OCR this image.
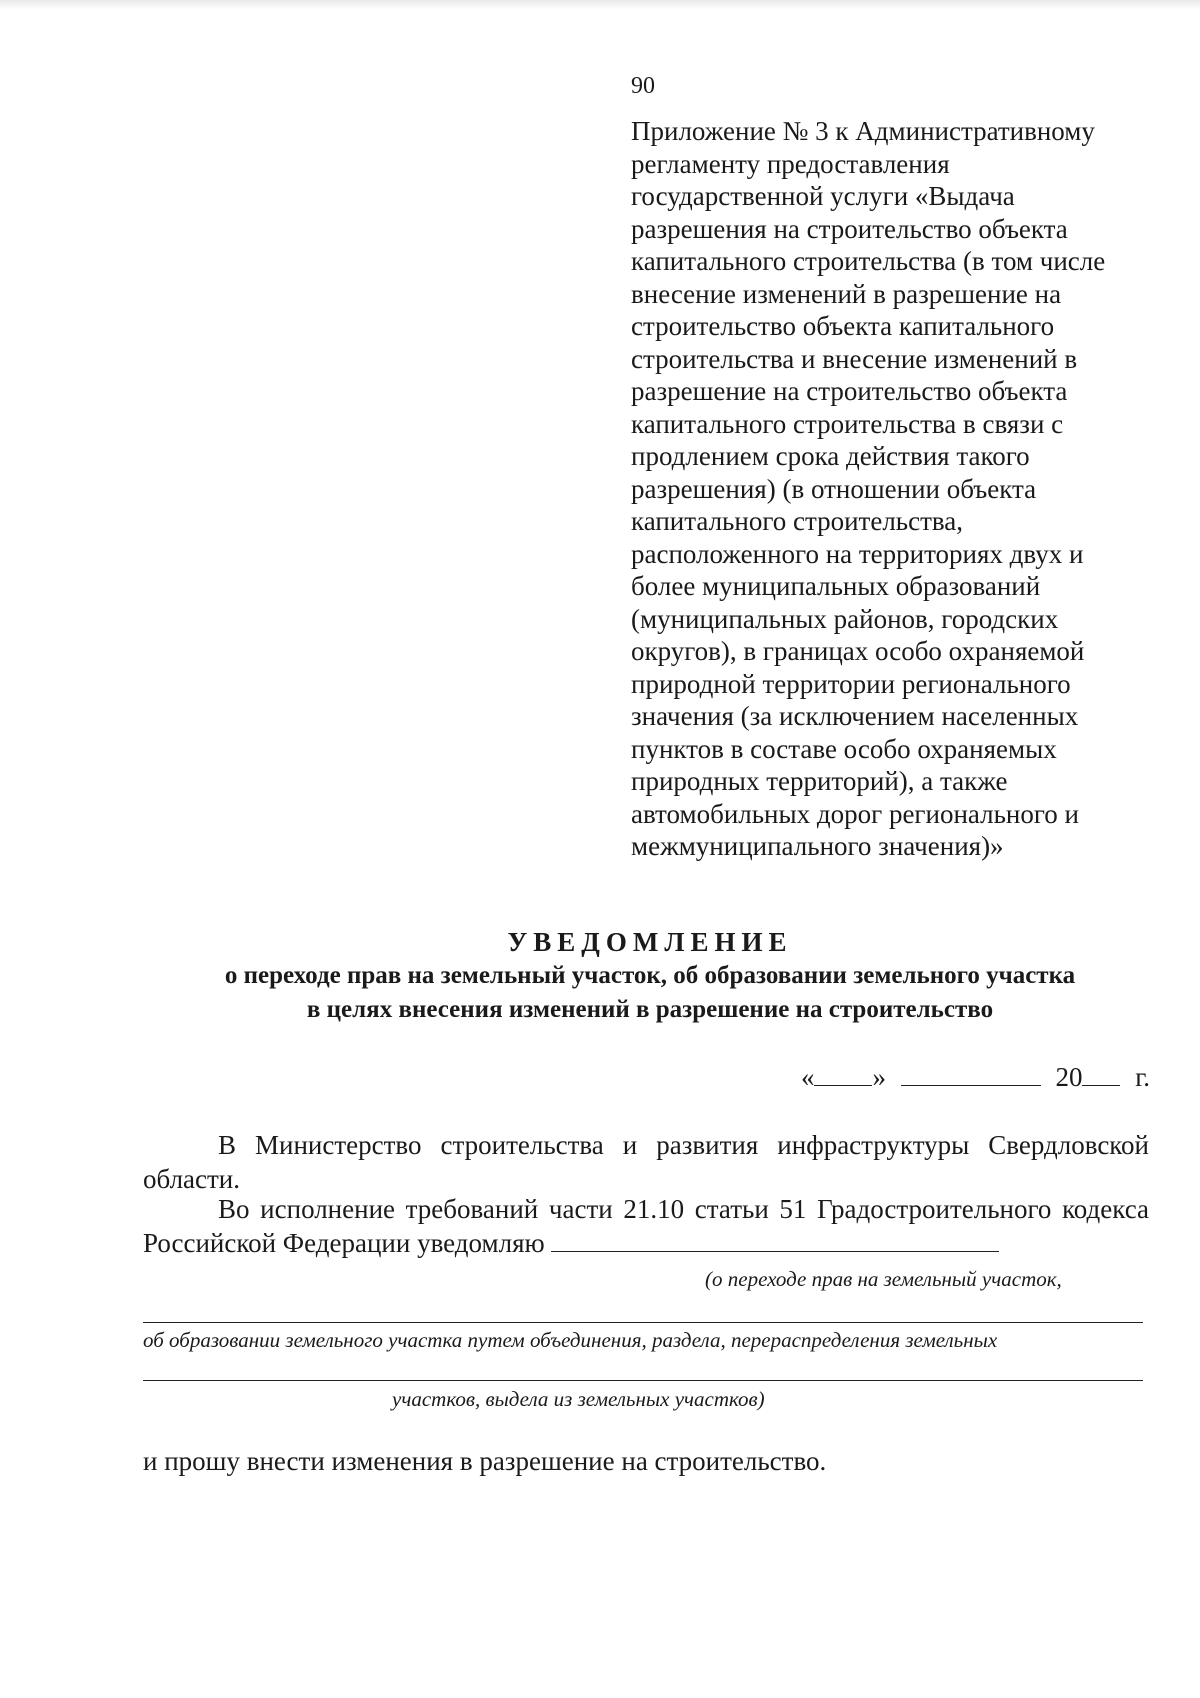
90
Приложение № 3 к Административному
регламенту предоставления
государственной услуги «Выдача
разрешения на строительство объекта
капитального строительства (в том числе
внесение изменений в разрешение на
строительство объекта капитального
строительства и внесение изменений в
разрешение на строительство объекта
капитального строительства в связи с
продлением срока действия такого
разрешения) (в отношении объекта
капитального строительства,
расположенного на территориях двух и
более муниципальных образований
(муниципальных районов, городских
округов), в границах особо охраняемой
природной территории регионального
значения (за исключением населенных
пунктов в составе особо охраняемых
природных территорий), а также
автомобильных дорог регионального и
межмуниципального значения)»
УВЕДОМЛЕНИЕ
о переходе прав на земельный участок, об образовании земельного участка
в целях внесения изменений в разрешение на строительство
« »	20 г.
В Министерство строительства и развития инфраструктуры Свердловской области.
Во исполнение требований части 21.10 статьи 51 Градостроительного кодекса Российской Федерации уведомляю
(о переходе прав на земельный участок,
об образовании земельного участка путем объединения, раздела, перераспределения земельных
участков, выдела из земельных участков)
и прошу внести изменения в разрешение на строительство.
